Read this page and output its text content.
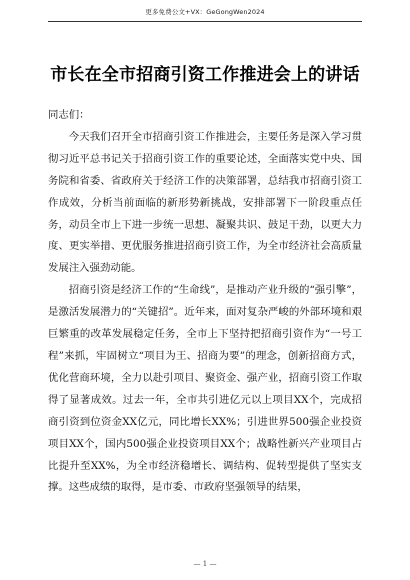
更多免费公文+VX：GeGongWen2024
市长在全市招商引资工作推进会上的讲话

同志们：

今天我们召开全市招商引资工作推进会，主要任务是深入学习贯彻习近平总书记关于招商引资工作的重要论述，全面落实党中央、国务院和省委、省政府关于经济工作的决策部署，总结我市招商引资工作成效，分析当前面临的新形势新挑战，安排部署下一阶段重点任务，动员全市上下进一步统一思想、凝聚共识、鼓足干劲，以更大力度、更实举措、更优服务推进招商引资工作，为全市经济社会高质量发展注入强劲动能。

招商引资是经济工作的“生命线”，是推动产业升级的“强引擎”，是激活发展潜力的“关键招”。近年来，面对复杂严峻的外部环境和艰巨繁重的改革发展稳定任务，全市上下坚持把招商引资作为“一号工程”来抓，牢固树立“项目为王、招商为要”的理念，创新招商方式，优化营商环境，全力以赴引项目、聚资金、强产业，招商引资工作取得了显著成效。过去一年，全市共引进亿元以上项目XX个，完成招商引资到位资金XX亿元，同比增长XX%；引进世界500强企业投资项目XX个，国内500强企业投资项目XX个；战略性新兴产业项目占比提升至XX%，为全市经济稳增长、调结构、促转型提供了坚实支撑。这些成绩的取得，是市委、市政府坚强领导的结果，

— 1 —
